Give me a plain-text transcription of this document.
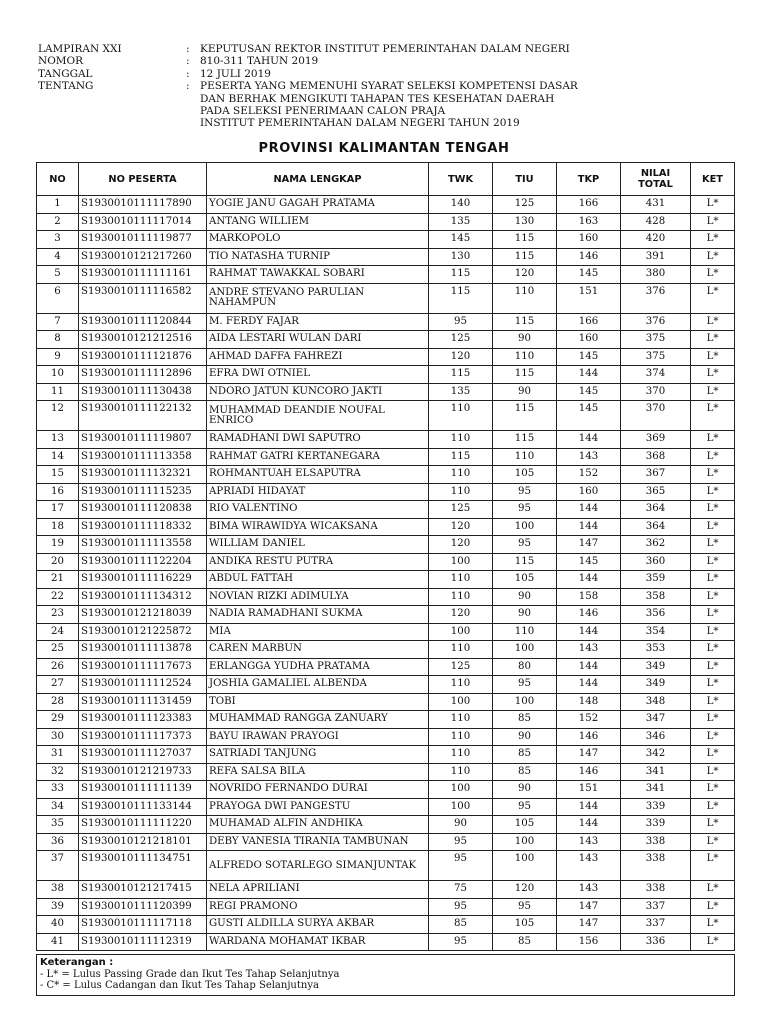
LAMPIRAN XXI	: KEPUTUSAN REKTOR INSTITUT PEMERINTAHAN DALAM NEGERI
NOMOR	: 810-311 TAHUN 2019
TANGGAL	: 12 JULI 2019
TENTANG	: PESERTA YANG MEMENUHI SYARAT SELEKSI KOMPETENSI DASAR
DAN BERHAK MENGIKUTI TAHAPAN TES KESEHATAN DAERAH
PADA SELEKSI PENERIMAAN CALON PRAJA
INSTITUT PEMERINTAHAN DALAM NEGERI TAHUN 2019
PROVINSI KALIMANTAN TENGAH
NO	NO PESERTA	NAMA LENGKAP	TWK	TIU	TKP	NILAI TOTAL	KET
1	S1930010111117890	YOGIE JANU GAGAH PRATAMA	140	125	166	431	L*
2	S1930010111117014	ANTANG WILLIEM	135	130	163	428	L*
3	S1930010111119877	MARKOPOLO	145	115	160	420	L*
4	S1930010121217260	TIO NATASHA TURNIP	130	115	146	391	L*
5	S1930010111111161	RAHMAT TAWAKKAL SOBARI	115	120	145	380	L*
6	S1930010111116582	ANDRE STEVANO PARULIAN NAHAMPUN	115	110	151	376	L*
7	S1930010111120844	M. FERDY FAJAR	95	115	166	376	L*
8	S1930010121212516	AIDA LESTARI WULAN DARI	125	90	160	375	L*
9	S1930010111121876	AHMAD DAFFA FAHREZI	120	110	145	375	L*
10	S1930010111112896	EFRA DWI OTNIEL	115	115	144	374	L*
11	S1930010111130438	NDORO JATUN KUNCORO JAKTI	135	90	145	370	L*
12	S1930010111122132	MUHAMMAD DEANDIE NOUFAL ENRICO	110	115	145	370	L*
13	S1930010111119807	RAMADHANI DWI SAPUTRO	110	115	144	369	L*
14	S1930010111113358	RAHMAT GATRI KERTANEGARA	115	110	143	368	L*
15	S1930010111132321	ROHMANTUAH ELSAPUTRA	110	105	152	367	L*
16	S1930010111115235	APRIADI HIDAYAT	110	95	160	365	L*
17	S1930010111120838	RIO VALENTINO	125	95	144	364	L*
18	S1930010111118332	BIMA WIRAWIDYA WICAKSANA	120	100	144	364	L*
19	S1930010111113558	WILLIAM DANIEL	120	95	147	362	L*
20	S1930010111122204	ANDIKA RESTU PUTRA	100	115	145	360	L*
21	S1930010111116229	ABDUL FATTAH	110	105	144	359	L*
22	S1930010111134312	NOVIAN RIZKI ADIMULYA	110	90	158	358	L*
23	S1930010121218039	NADIA RAMADHANI SUKMA	120	90	146	356	L*
24	S1930010121225872	MIA	100	110	144	354	L*
25	S1930010111113878	CAREN MARBUN	110	100	143	353	L*
26	S1930010111117673	ERLANGGA YUDHA PRATAMA	125	80	144	349	L*
27	S1930010111112524	JOSHIA GAMALIEL ALBENDA	110	95	144	349	L*
28	S1930010111131459	TOBI	100	100	148	348	L*
29	S1930010111123383	MUHAMMAD RANGGA ZANUARY	110	85	152	347	L*
30	S1930010111117373	BAYU IRAWAN PRAYOGI	110	90	146	346	L*
31	S1930010111127037	SATRIADI TANJUNG	110	85	147	342	L*
32	S1930010121219733	REFA SALSA BILA	110	85	146	341	L*
33	S1930010111111139	NOVRIDO FERNANDO DURAI	100	90	151	341	L*
34	S1930010111133144	PRAYOGA DWI PANGESTU	100	95	144	339	L*
35	S1930010111111220	MUHAMAD ALFIN ANDHIKA	90	105	144	339	L*
36	S1930010121218101	DEBY VANESIA TIRANIA TAMBUNAN	95	100	143	338	L*
37	S1930010111134751	ALFREDO SOTARLEGO SIMANJUNTAK	95	100	143	338	L*
38	S1930010121217415	NELA APRILIANI	75	120	143	338	L*
39	S1930010111120399	REGI PRAMONO	95	95	147	337	L*
40	S1930010111117118	GUSTI ALDILLA SURYA AKBAR	85	105	147	337	L*
41	S1930010111112319	WARDANA MOHAMAT IKBAR	95	85	156	336	L*
Keterangan :
- L* = Lulus Passing Grade dan Ikut Tes Tahap Selanjutnya
- C* = Lulus Cadangan dan Ikut Tes Tahap Selanjutnya
